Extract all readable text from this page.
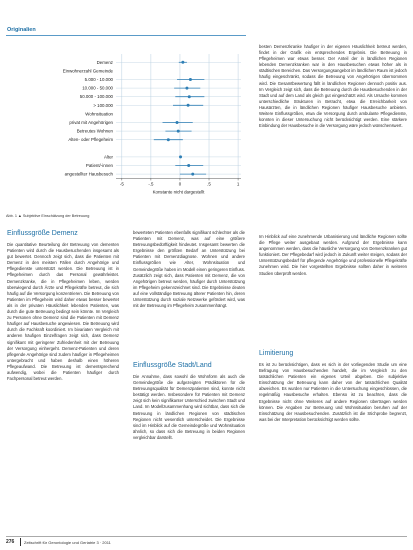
Originalien
Demenz
Einwohnerzahl Gemeinde
5.000 - 10.000
10.000 - 50.000
50.000 - 100.000
> 100.000
Wohnsituation
privat mit Angehörigen
Betreutes Wohnen
Alten- oder Pflegeheim
Alter
Patient/-innen
angestellter Hausbesuch
-5	-.5	0	.5	1
Konstante nicht dargestellt
Abb. 1 ▲ Subjektive Einschätzung der Betreuung
Einflussgröße Demenz
Die quantitative Beurteilung der Betreuung von dementen Patienten wird durch die Hausbesuchenden insgesamt als gut bewertet. Dennoch zeigt sich, dass die Patienten mit Demenz in den meisten Fällen durch Angehörige und Pflegedienste unterstützt werden. Die Betreuung ist in Pflegeheimen durch das Personal gewährleistet. Demenzkranke, die in Pflegeheimen leben, werden überwiegend durch Ärzte und Pflegekräfte betreut, die sich häufig auf die Versorgung konzentrieren. Die Betreuung von Patienten im Pflegeheim wird daher etwas besser bewertet als in der privaten Häuslichkeit lebenden Patienten, was durch die gute Betreuung bedingt sein könnte. Im Vergleich zu Personen ohne Demenz sind die Patienten mit Demenz häufiger auf Hausbesuche angewiesen. Die Betreuung wird durch die Fachkraft koordiniert. Im bivariaten Vergleich mit anderen häufigen Einzelfragen zeigt sich, dass Demenz signifikant mit geringerer Zufriedenheit mit der Betreuung der Versorgung einhergeht. Demenz-Patienten und deren pflegende Angehörige sind zudem häufiger in Pflegeheimen untergebracht und haben deshalb einen höheren Pflegeaufwand. Die Betreuung ist dementsprechend aufwendig, wobei die Patienten häufiger durch Fachpersonal betreut werden.
bewerteten Patienten ebenfalls signifikant schlechter als die Patienten mit Demenz, was auf eine größere Betreuungsbedürftigkeit hindeutet. Insgesamt bewerten die Ergebnisse den größten Bedarf an Unterstützung bei Patienten mit Demenzdiagnose. Wohnen und andere Einflussgrößen wie Alter, Wohnsituation und Gemeindegröße haben im Modell einen geringeren Einfluss. Zusätzlich zeigt sich, dass Patienten mit Demenz, die von Angehörigen betreut werden, häufiger durch Unterstützung im Pflegeheim gekennzeichnet sind. Die Ergebnisse deuten auf eine vollständige Betreuung älterer Patienten hin, deren Unterstützung durch soziale Netzwerke gefördert wird, was mit der Betreuung im Pflegeheim zusammenhängt.
Einflussgröße Stadt/Land
Die Annahme, dass sowohl die Wohnform als auch die Gemeindegröße die aufgezeigten Prädiktoren für die Betreuungsqualität für Demenzpatienten sind, konnte nicht bestätigt werden. Insbesondere für Patienten mit Demenz zeigt sich kein signifikanter Unterschied zwischen Stadt und Land. Im Modellzusammenhang wird sichtbar, dass sich die Betreuung in ländlichen Regionen von städtischen Regionen nicht wesentlich unterscheidet. Die Ergebnisse sind im Hinblick auf die Gemeindegröße und Wohnsituation ähnlich, so dass sich die Betreuung in beiden Regionen vergleichbar darstellt.
besten Demenzkranke häufiger in der eigenen Häuslichkeit betreut werden, findet in der Grafik ein entsprechendes Ergebnis. Die Betreuung in Pflegeheimen war etwas besser. Der Anteil der in ländlichen Regionen lebenden Demenzkranken war in den Hausbesuchen etwas höher als in städtischen Bereichen. Das Versorgungsangebot im ländlichen Raum ist jedoch häufig eingeschränkt, sodass die Betreuung von Angehörigen übernommen wird. Die Gesamtbewertung fällt in ländlichen Regionen dennoch positiv aus. Im Vergleich zeigt sich, dass die Betreuung durch die Hausbesuchenden in der Stadt und auf dem Land als gleich gut eingeschätzt wird. Als Ursache kommen unterschiedliche Strukturen in Betracht, etwa die Erreichbarkeit von Hausärzten, die in ländlichen Regionen häufiger Hausbesuche anbieten. Weitere Einflussgrößen, etwa die Versorgung durch ambulante Pflegedienste, konnten in dieser Untersuchung nicht berücksichtigt werden. Eine stärkere Einbindung der Hausbesuche in die Versorgung wäre jedoch wünschenswert.
Im Hinblick auf eine zunehmende Urbanisierung und ländliche Regionen sollte die Pflege weiter ausgebaut werden. Aufgrund der Ergebnisse kann angenommen werden, dass die häusliche Versorgung von Demenzkranken gut funktioniert. Der Pflegebedarf wird jedoch in Zukunft weiter steigen, sodass der Unterstützungsbedarf für pflegende Angehörige und professionelle Pflegekräfte zunehmen wird. Die hier vorgestellten Ergebnisse sollten daher in weiteren Studien überprüft werden.
Limitierung
Es ist zu berücksichtigen, dass es sich in der vorliegenden Studie um eine Befragung von Hausbesuchenden handelt, die im Vergleich zu den tatsächlichen Patienten ein eigenes Urteil abgeben. Die subjektive Einschätzung der Betreuung kann daher von der tatsächlichen Qualität abweichen. Es wurden nur Patienten in die Untersuchung eingeschlossen, die regelmäßig Hausbesuche erhalten. Ebenso ist zu beachten, dass die Ergebnisse nicht ohne Weiteres auf andere Regionen übertragen werden können. Die Angaben zur Betreuung und Wohnsituation beruhen auf der Einschätzung der Hausbesuchenden. Zusätzlich ist die Stichprobe begrenzt, was bei der Interpretation berücksichtigt werden sollte.
276 Zeitschrift für Gerontologie und Geriatrie 3 · 2011
